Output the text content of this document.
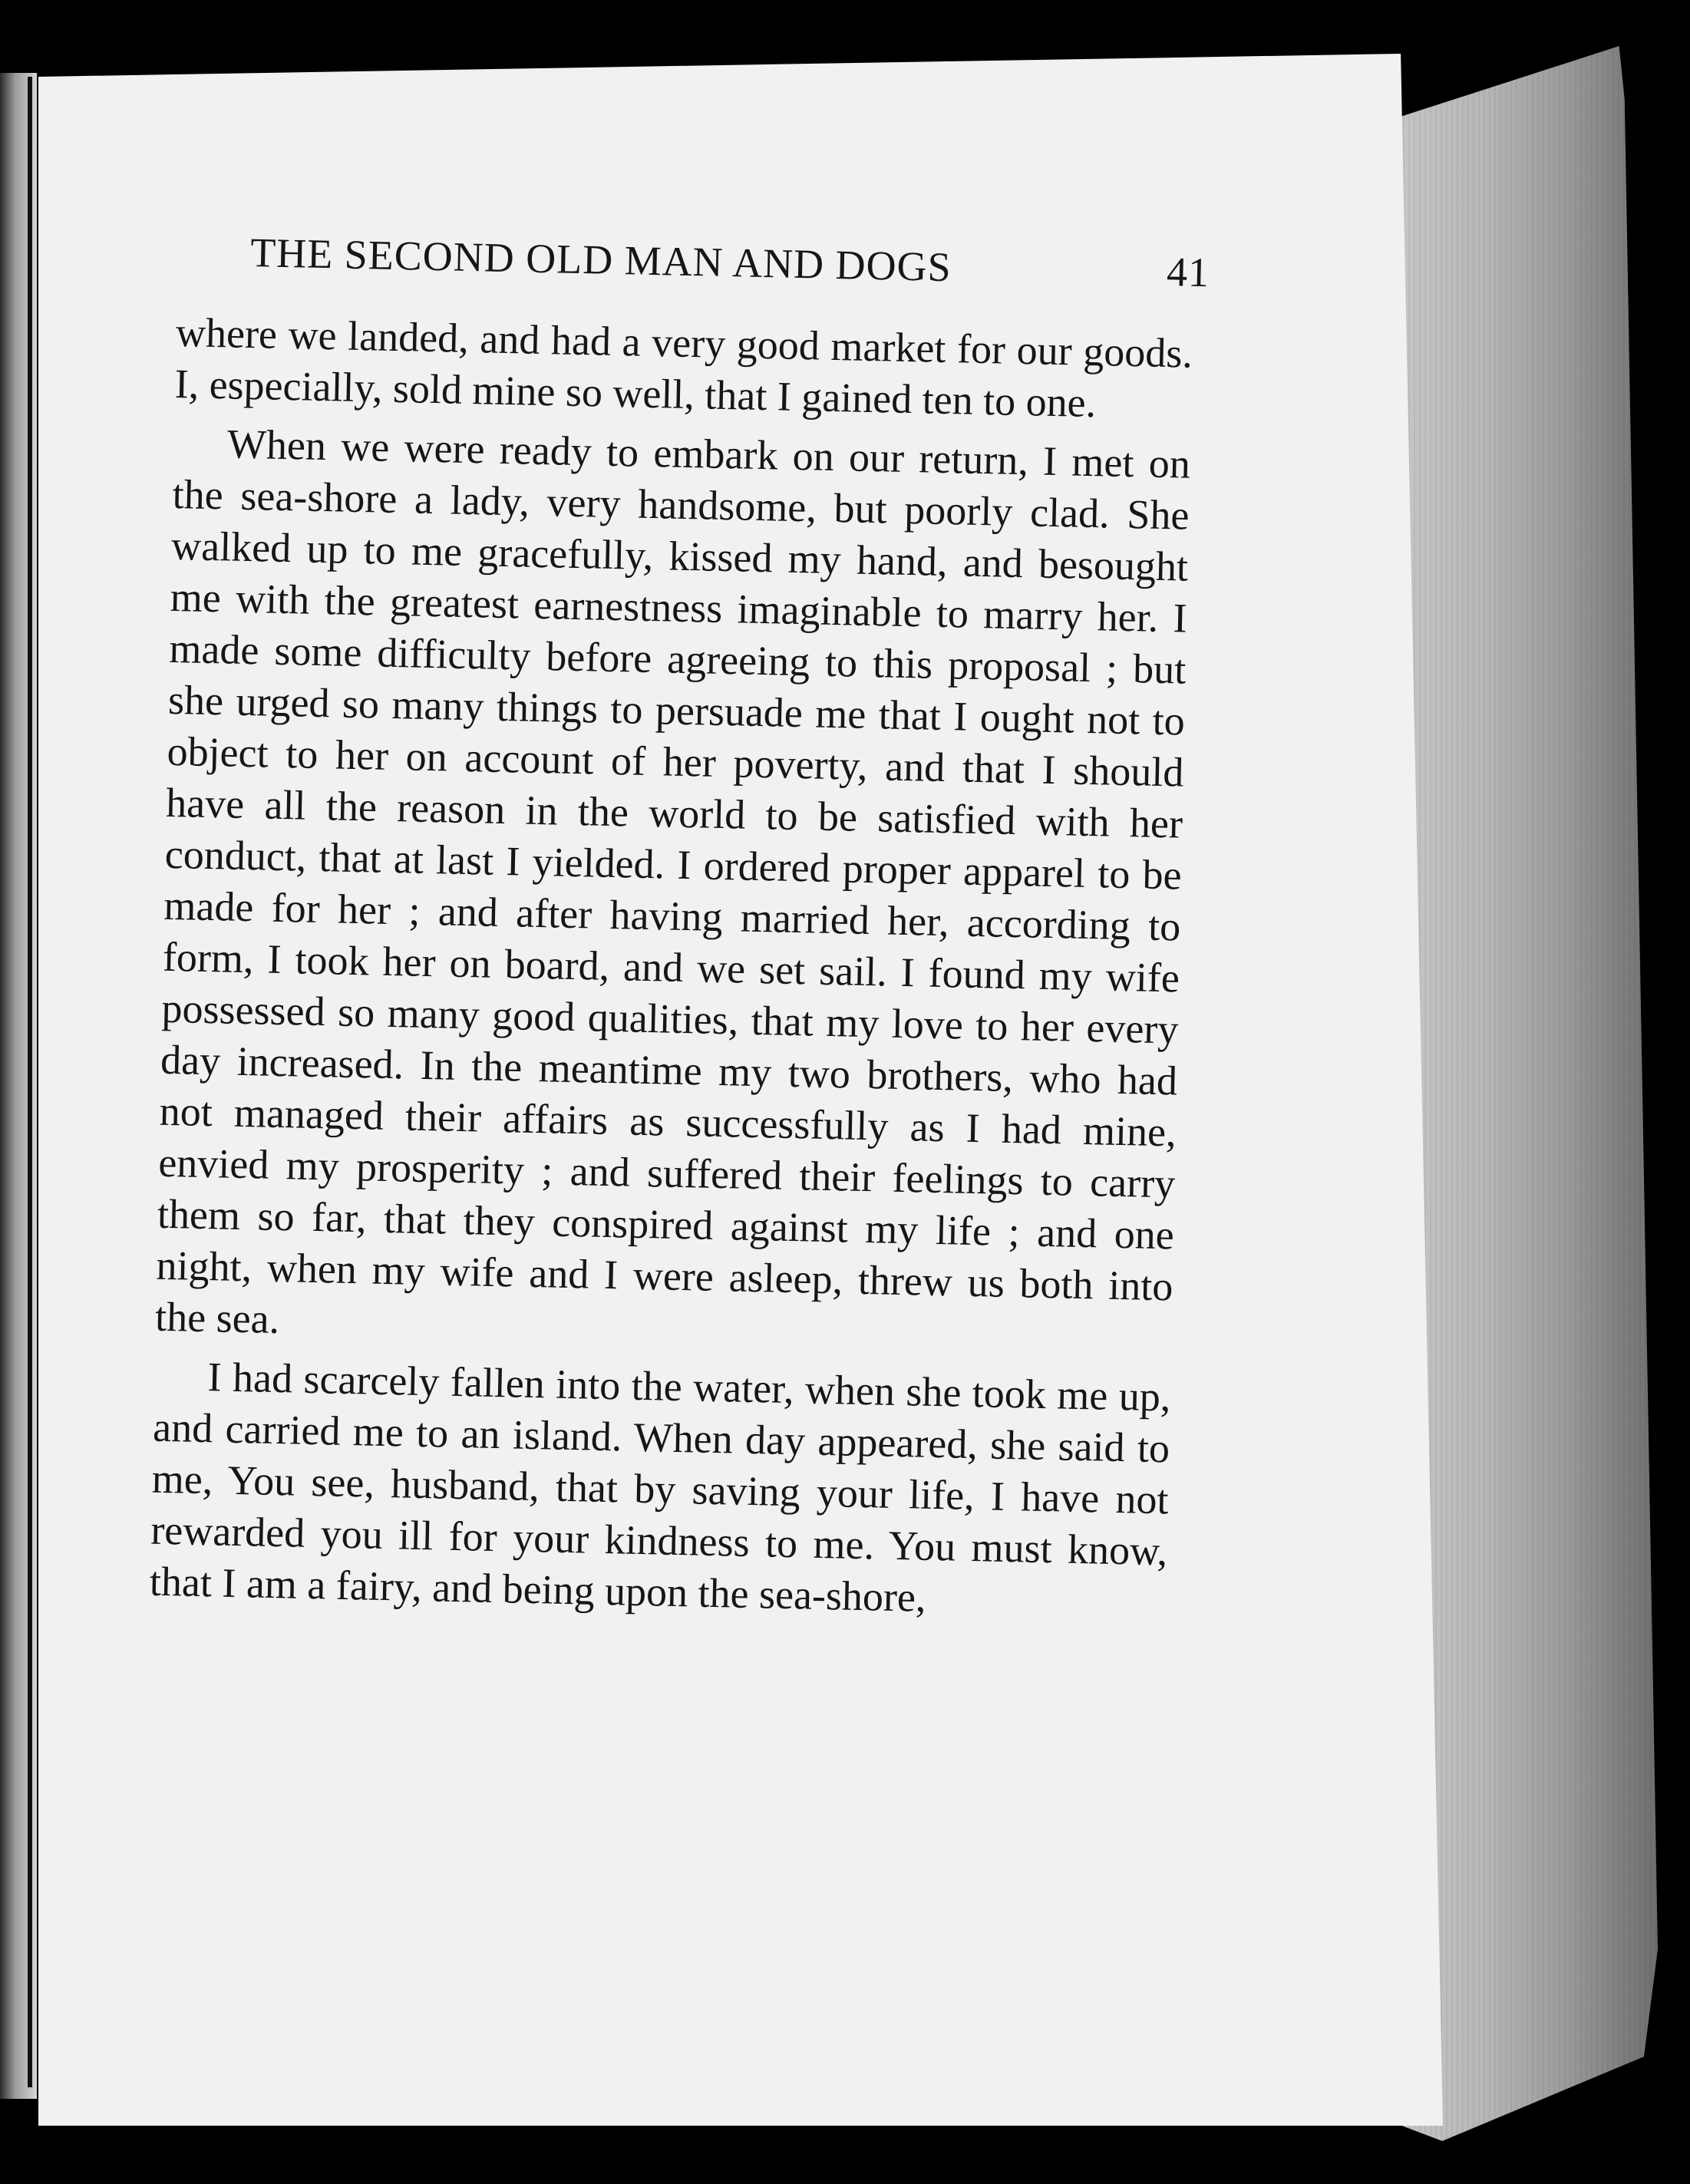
THE SECOND OLD MAN AND DOGS	41

where we landed, and had a very good market for our goods. I, especially, sold mine so well, that I gained ten to one.

When we were ready to embark on our return, I met on the sea-shore a lady, very handsome, but poorly clad. She walked up to me gracefully, kissed my hand, and besought me with the greatest earnestness imaginable to marry her. I made some difficulty before agreeing to this proposal ; but she urged so many things to persuade me that I ought not to object to her on account of her poverty, and that I should have all the reason in the world to be satisfied with her conduct, that at last I yielded. I ordered proper apparel to be made for her ; and after having married her, according to form, I took her on board, and we set sail. I found my wife possessed so many good qualities, that my love to her every day increased. In the meantime my two brothers, who had not managed their affairs as successfully as I had mine, envied my prosperity ; and suffered their feelings to carry them so far, that they conspired against my life ; and one night, when my wife and I were asleep, threw us both into the sea.

I had scarcely fallen into the water, when she took me up, and carried me to an island. When day appeared, she said to me, You see, husband, that by saving your life, I have not rewarded you ill for your kindness to me. You must know, that I am a fairy, and being upon the sea-shore,
